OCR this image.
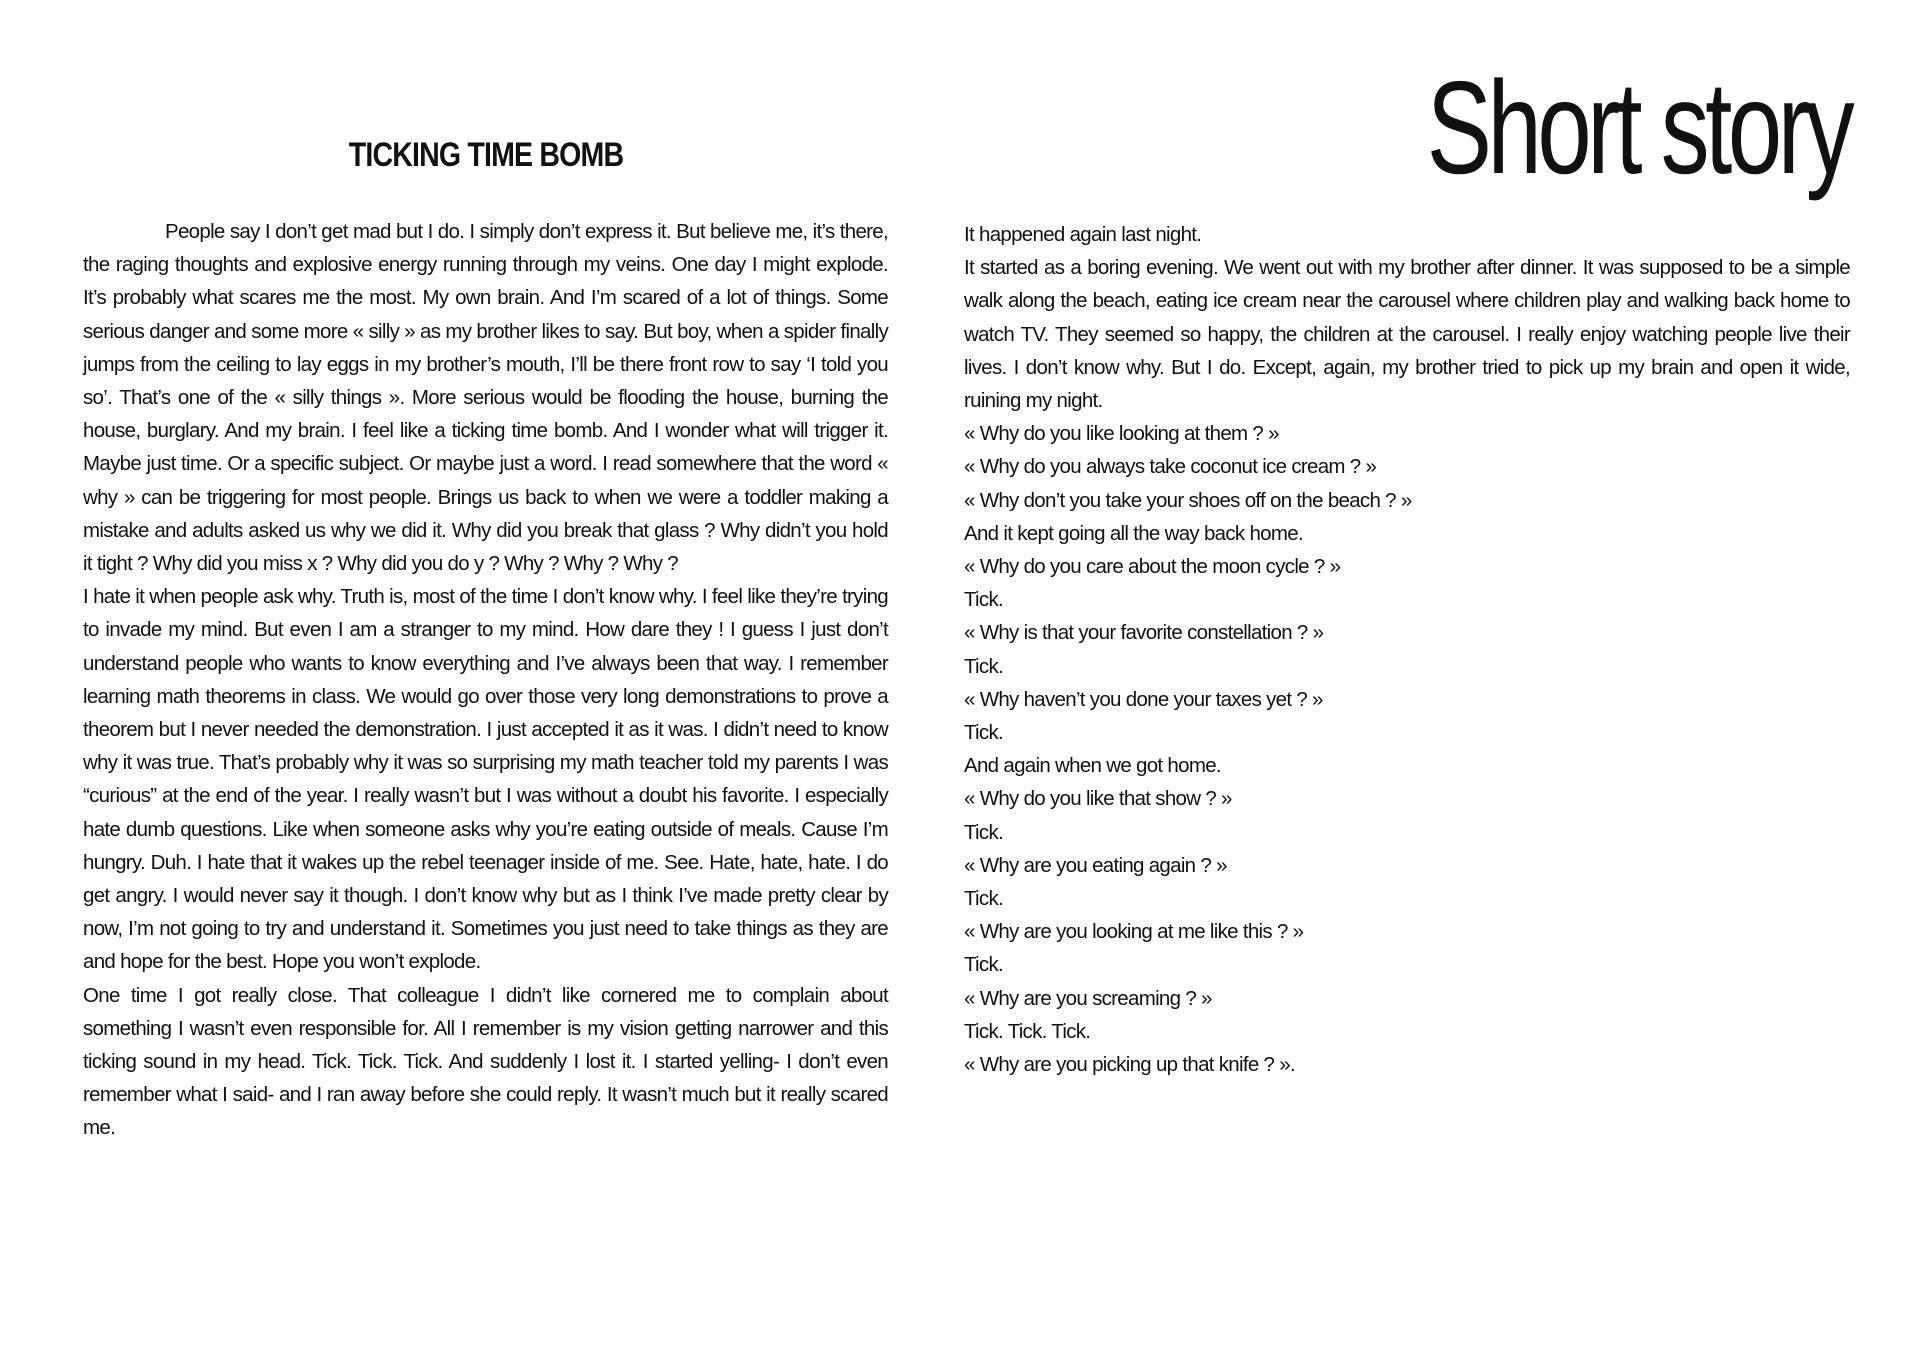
Short story
TICKING TIME BOMB

People say I don’t get mad but I do. I simply don’t express it. But believe me, it’s there, the raging thoughts and explosive energy running through my veins. One day I might explode. It’s probably what scares me the most. My own brain. And I’m scared of a lot of things. Some serious danger and some more « silly » as my brother likes to say. But boy, when a spider finally jumps from the ceiling to lay eggs in my brother’s mouth, I’ll be there front row to say ‘I told you so’. That’s one of the « silly things ». More serious would be flooding the house, burning the house, burglary. And my brain. I feel like a ticking time bomb. And I wonder what will trigger it. Maybe just time. Or a specific subject. Or maybe just a word. I read somewhere that the word « why » can be triggering for most people. Brings us back to when we were a toddler making a mistake and adults asked us why we did it. Why did you break that glass ? Why didn’t you hold it tight ? Why did you miss x ? Why did you do y ? Why ? Why ? Why ?

I hate it when people ask why. Truth is, most of the time I don’t know why. I feel like they’re trying to invade my mind. But even I am a stranger to my mind. How dare they ! I guess I just don’t understand people who wants to know everything and I’ve always been that way. I remember learning math theorems in class. We would go over those very long demonstrations to prove a theorem but I never needed the demonstration. I just accepted it as it was. I didn’t need to know why it was true. That’s probably why it was so surprising my math teacher told my parents I was “curious” at the end of the year. I really wasn’t but I was without a doubt his favorite. I especially hate dumb questions. Like when someone asks why you’re eating outside of meals. Cause I’m hungry. Duh. I hate that it wakes up the rebel teenager inside of me. See. Hate, hate, hate. I do get angry. I would never say it though. I don’t know why but as I think I’ve made pretty clear by now, I’m not going to try and understand it. Sometimes you just need to take things as they are and hope for the best. Hope you won’t explode.

One time I got really close. That colleague I didn’t like cornered me to complain about something I wasn’t even responsible for. All I remember is my vision getting narrower and this ticking sound in my head. Tick. Tick. Tick. And suddenly I lost it. I started yelling- I don’t even remember what I said- and I ran away before she could reply. It wasn’t much but it really scared me.

It happened again last night.

It started as a boring evening. We went out with my brother after dinner. It was supposed to be a simple walk along the beach, eating ice cream near the carousel where children play and walking back home to watch TV. They seemed so happy, the children at the carousel. I really enjoy watching people live their lives. I don’t know why. But I do. Except, again, my brother tried to pick up my brain and open it wide, ruining my night.

« Why do you like looking at them ? »

« Why do you always take coconut ice cream ? »

« Why don’t you take your shoes off on the beach ? »

And it kept going all the way back home.

« Why do you care about the moon cycle ? »

Tick.

« Why is that your favorite constellation ? »

Tick.

« Why haven’t you done your taxes yet ? »

Tick.

And again when we got home.

« Why do you like that show ? »

Tick.

« Why are you eating again ? »

Tick.

« Why are you looking at me like this ? »

Tick.

« Why are you screaming ? »

Tick. Tick. Tick.

« Why are you picking up that knife ? ».
